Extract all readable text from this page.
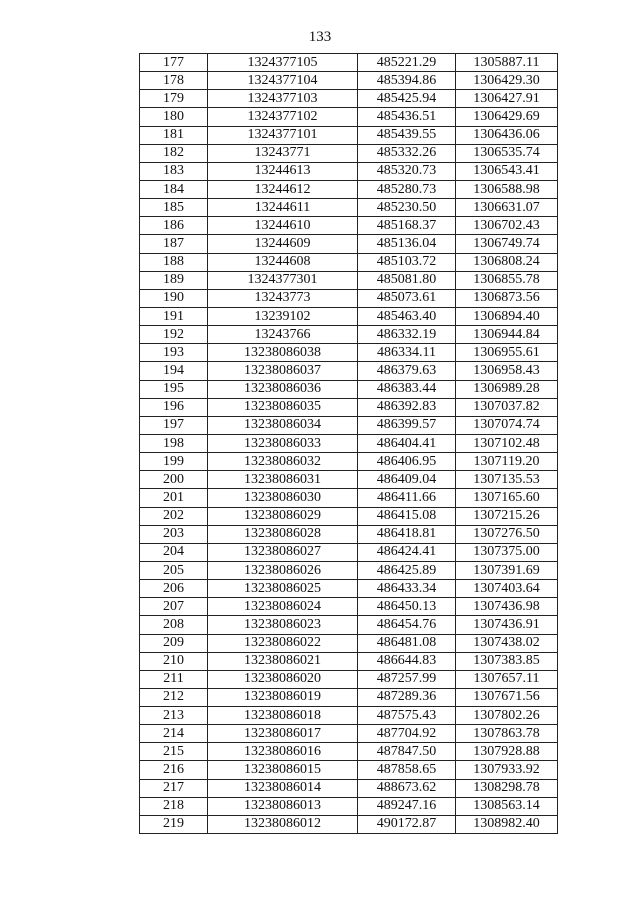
133
177	1324377105	485221.29	1305887.11
178	1324377104	485394.86	1306429.30
179	1324377103	485425.94	1306427.91
180	1324377102	485436.51	1306429.69
181	1324377101	485439.55	1306436.06
182	13243771	485332.26	1306535.74
183	13244613	485320.73	1306543.41
184	13244612	485280.73	1306588.98
185	13244611	485230.50	1306631.07
186	13244610	485168.37	1306702.43
187	13244609	485136.04	1306749.74
188	13244608	485103.72	1306808.24
189	1324377301	485081.80	1306855.78
190	13243773	485073.61	1306873.56
191	13239102	485463.40	1306894.40
192	13243766	486332.19	1306944.84
193	13238086038	486334.11	1306955.61
194	13238086037	486379.63	1306958.43
195	13238086036	486383.44	1306989.28
196	13238086035	486392.83	1307037.82
197	13238086034	486399.57	1307074.74
198	13238086033	486404.41	1307102.48
199	13238086032	486406.95	1307119.20
200	13238086031	486409.04	1307135.53
201	13238086030	486411.66	1307165.60
202	13238086029	486415.08	1307215.26
203	13238086028	486418.81	1307276.50
204	13238086027	486424.41	1307375.00
205	13238086026	486425.89	1307391.69
206	13238086025	486433.34	1307403.64
207	13238086024	486450.13	1307436.98
208	13238086023	486454.76	1307436.91
209	13238086022	486481.08	1307438.02
210	13238086021	486644.83	1307383.85
211	13238086020	487257.99	1307657.11
212	13238086019	487289.36	1307671.56
213	13238086018	487575.43	1307802.26
214	13238086017	487704.92	1307863.78
215	13238086016	487847.50	1307928.88
216	13238086015	487858.65	1307933.92
217	13238086014	488673.62	1308298.78
218	13238086013	489247.16	1308563.14
219	13238086012	490172.87	1308982.40
